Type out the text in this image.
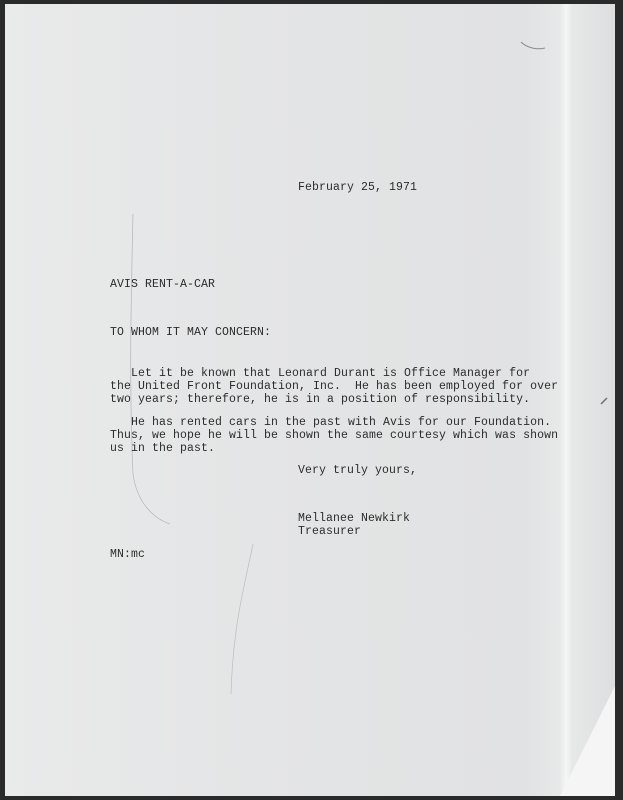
February 25, 1971
AVIS RENT-A-CAR
TO WHOM IT MAY CONCERN:
Let it be known that Leonard Durant is Office Manager for
the United Front Foundation, Inc.  He has been employed for over
two years; therefore, he is in a position of responsibility.
He has rented cars in the past with Avis for our Foundation.
Thus, we hope he will be shown the same courtesy which was shown
us in the past.
Very truly yours,
Mellanee Newkirk
Treasurer
MN:mc
